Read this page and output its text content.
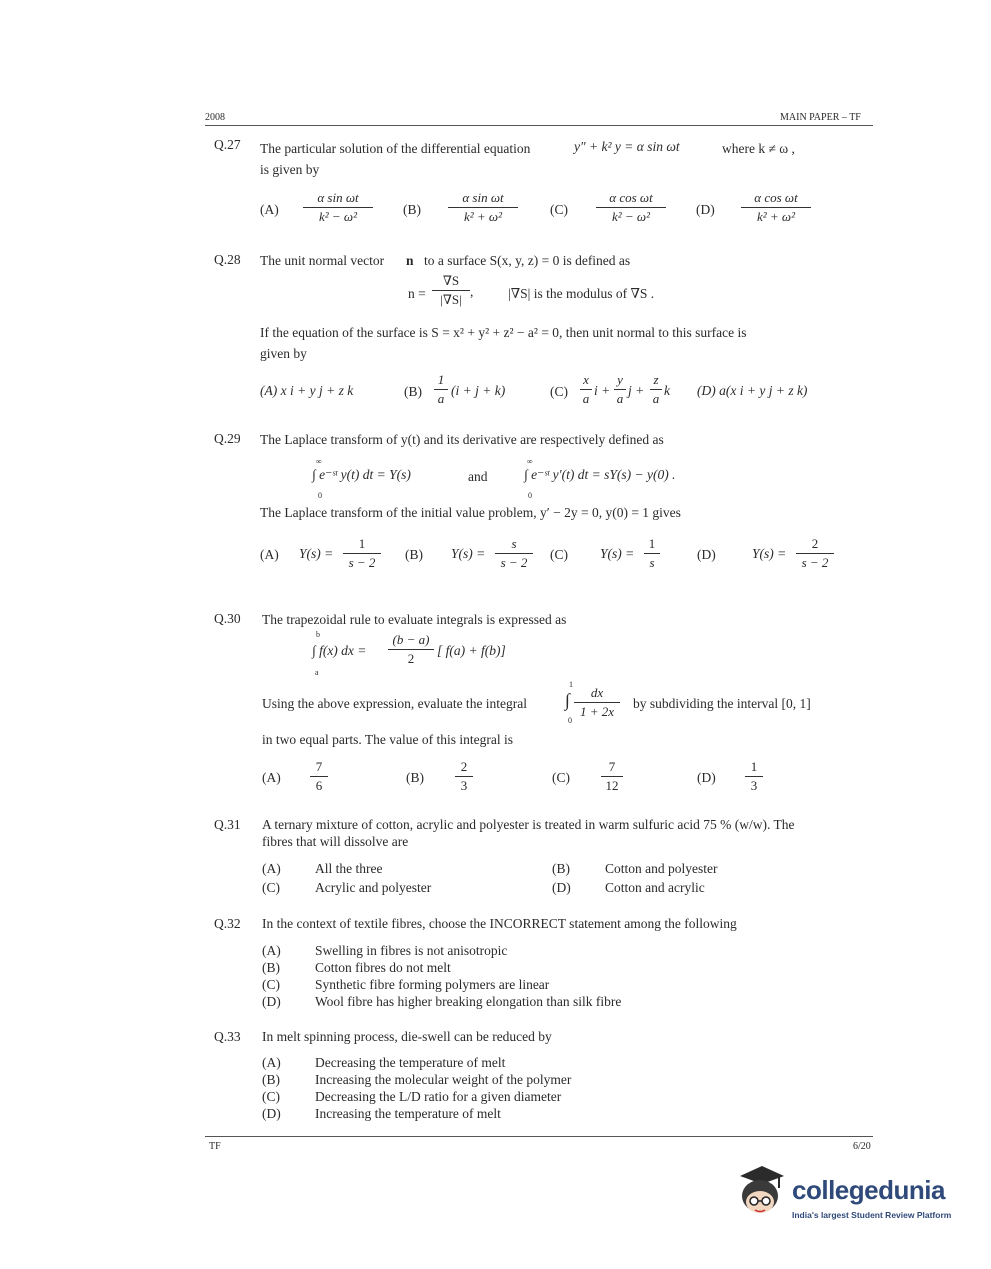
2008	MAIN PAPER – TF
Q.27 The particular solution of the differential equation	y″ + k² y = α sin ωt	where k ≠ ω ,
is given by
$(A) \frac{\text{α sin ωt}}{\text{k² − ω²}} (B) \frac{\text{α sin ωt}}{\text{k² + ω²}} (C) \frac{\text{α cos ωt}}{\text{k² − ω²}} (D) \frac{\text{α cos ωt}}{\text{k² + ω²}}$
Q.28 The unit normal vector n to a surface S(x, y, z) = 0 is defined as
$n = \frac{\nabla S}{|\nabla S|}$ ,	|∇S| is the modulus of ∇S .
If the equation of the surface is S = x² + y² + z² − a² = 0, then unit normal to this surface is
given by
(A) x i + y j + z k	$(B) \frac{1}{a} (i + j + k)$	$(C) \frac{x}{a}$ $i + \frac{y}{a}$ $j + \frac{z}{a}$ k (D) a(x i + y j + z k)
Q.29 The Laplace transform of y(t) and its derivative are respectively defined as
∞
∫ e⁻ˢᵗ y(t) dt = Y(s)
0
and
∞
∫ e⁻ˢᵗ y′(t) dt = sY(s) − y(0) .
0
The Laplace transform of the initial value problem, y′ − 2y = 0, y(0) = 1 gives
(A) $Y(s) = \frac{1}{s - 2} (B) Y(s) = \frac{s}{s - 2} (C) Y(s) = \frac{1}{s}$	(D)	$Y(s) = \frac{2}{s - 2}$
Q.30 The trapezoidal rule to evaluate integrals is expressed as
b
∫ f(x) dx =
a
$\frac{(b - a)}{2}$ [ f(a) + f(b)]
Using the above expression, evaluate the integral
1
∫
0
$\frac{dx}{1 + 2x}$ by subdividing the interval [0, 1]
in two equal parts. The value of this integral is
$(A) \frac{7}{6}$	$(B) \frac{2}{3}$	$(C) \frac{7}{12}$	$(D) \frac{1}{3}$
Q.31 A ternary mixture of cotton, acrylic and polyester is treated in warm sulfuric acid 75 % (w/w). The
fibres that will dissolve are
(A)	All the three	(B)	Cotton and polyester
(C)	Acrylic and polyester	(D)	Cotton and acrylic
Q.32 In the context of textile fibres, choose the INCORRECT statement among the following
(A)	Swelling in fibres is not anisotropic
(B)	Cotton fibres do not melt
(C)	Synthetic fibre forming polymers are linear
(D)	Wool fibre has higher breaking elongation than silk fibre
Q.33 In melt spinning process, die-swell can be reduced by
(A)	Decreasing the temperature of melt
(B)	Increasing the molecular weight of the polymer
(C)	Decreasing the L/D ratio for a given diameter
(D)	Increasing the temperature of melt
TF	6/20
collegedunia
India's largest Student Review Platform
